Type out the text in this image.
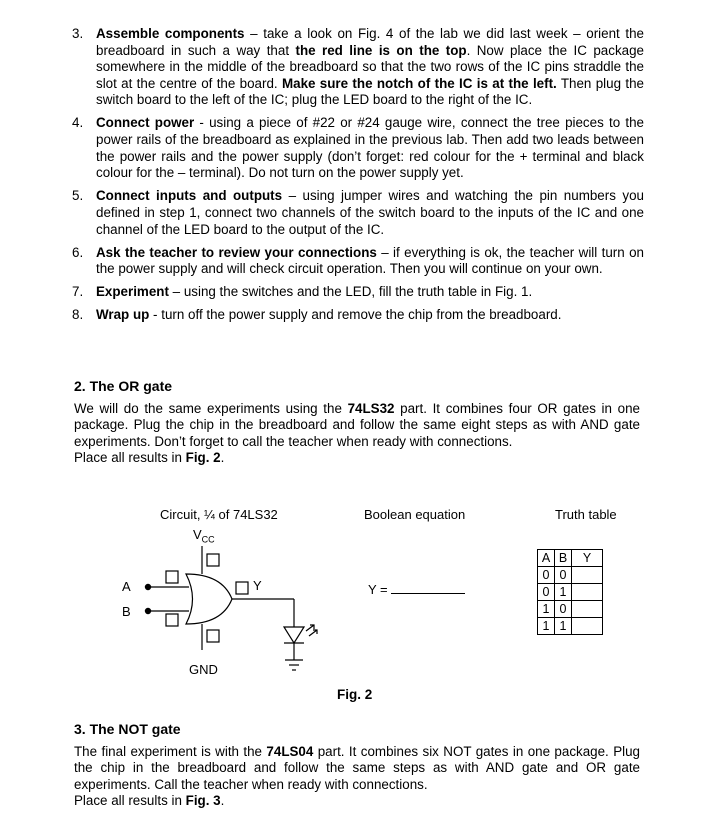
3. Assemble components – take a look on Fig. 4 of the lab we did last week – orient the breadboard in such a way that the red line is on the top. Now place the IC package somewhere in the middle of the breadboard so that the two rows of the IC pins straddle the slot at the centre of the board. Make sure the notch of the IC is at the left. Then plug the switch board to the left of the IC; plug the LED board to the right of the IC.
4. Connect power - using a piece of #22 or #24 gauge wire, connect the tree pieces to the power rails of the breadboard as explained in the previous lab. Then add two leads between the power rails and the power supply (don’t forget: red colour for the + terminal and black colour for the – terminal). Do not turn on the power supply yet.
5. Connect inputs and outputs – using jumper wires and watching the pin numbers you defined in step 1, connect two channels of the switch board to the inputs of the IC and one channel of the LED board to the output of the IC.
6. Ask the teacher to review your connections – if everything is ok, the teacher will turn on the power supply and will check circuit operation. Then you will continue on your own.
7. Experiment – using the switches and the LED, fill the truth table in Fig. 1.
8. Wrap up - turn off the power supply and remove the chip from the breadboard.
2. The OR gate
We will do the same experiments using the 74LS32 part. It combines four OR gates in one package. Plug the chip in the breadboard and follow the same eight steps as with AND gate experiments. Don’t forget to call the teacher when ready with connections.
Place all results in Fig. 2.
Circuit, ¼ of 74LS32
$V_{CC}$
Boolean equation	Truth table
A
B
Y
GND
Y =
A	B	Y
0	0	
0	1	
1	0	
1	1	
Fig. 2
3. The NOT gate
The final experiment is with the 74LS04 part. It combines six NOT gates in one package. Plug the chip in the breadboard and follow the same steps as with AND gate and OR gate experiments. Call the teacher when ready with connections.
Place all results in Fig. 3.
